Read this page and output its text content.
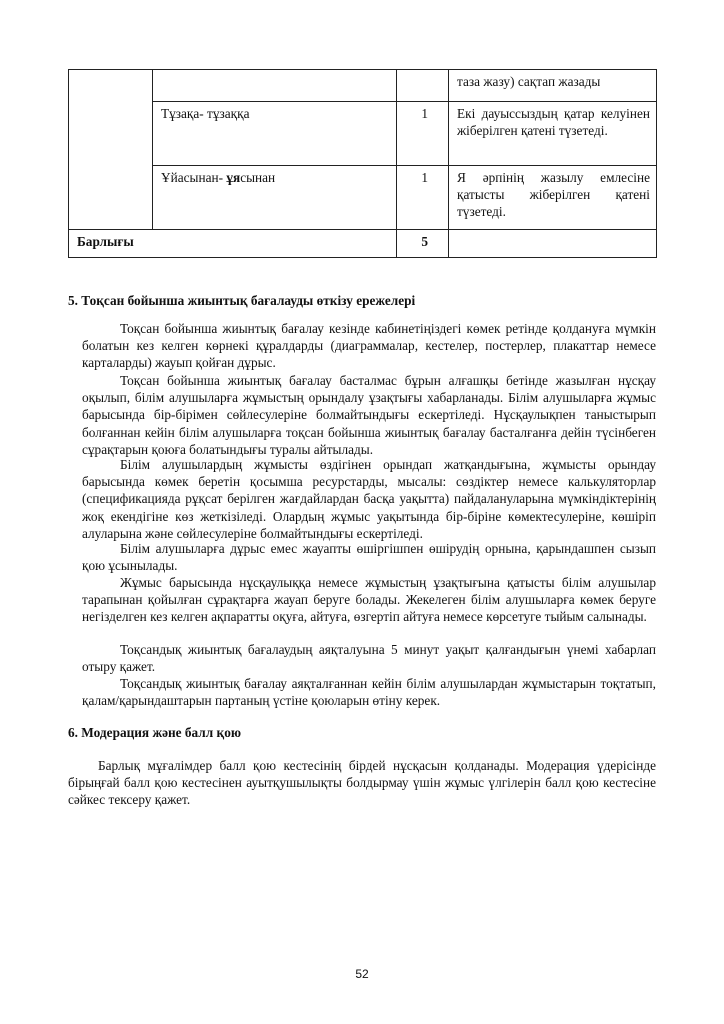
			таза жазу) сақтап жазады
	Тұзақа- тұзаққа	1	Екі дауыссыздың қатар келуінен жіберілген қатені түзетеді.
	Ұйасынан- ұясынан	1	Я әрпінің жазылу емлесіне қатысты жіберілген қатені түзетеді.
Барлығы		5	
5. Тоқсан бойынша жиынтық бағалауды өткізу ережелері

Тоқсан бойынша жиынтық бағалау кезінде кабинетіңіздегі көмек ретінде қолдануға мүмкін болатын кез келген көрнекі құралдарды (диаграммалар, кестелер, постерлер, плакаттар немесе карталарды) жауып қойған дұрыс.

Тоқсан бойынша жиынтық бағалау басталмас бұрын алғашқы бетінде жазылған нұсқау оқылып, білім алушыларға жұмыстың орындалу ұзақтығы хабарланады. Білім алушыларға жұмыс барысында бір-бірімен сөйлесулеріне болмайтындығы ескертіледі. Нұсқаулықпен таныстырып болғаннан кейін білім алушыларға тоқсан бойынша жиынтық бағалау басталғанға дейін түсінбеген сұрақтарын қоюға болатындығы туралы айтылады.

Білім алушылардың жұмысты өздігінен орындап жатқандығына, жұмысты орындау барысында көмек беретін қосымша ресурстарды, мысалы: сөздіктер немесе калькуляторлар (спецификацияда рұқсат берілген жағдайлардан басқа уақытта) пайдалануларына мүмкіндіктерінің жоқ екендігіне көз жеткізіледі. Олардың жұмыс уақытында бір-біріне көмектесулеріне, көшіріп алуларына және сөйлесулеріне болмайтындығы ескертіледі.

Білім алушыларға дұрыс емес жауапты өшіргішпен өшірудің орнына, қарындашпен сызып қою ұсынылады.

Жұмыс барысында нұсқаулыққа немесе жұмыстың ұзақтығына қатысты білім алушылар тарапынан қойылған сұрақтарға жауап беруге болады. Жекелеген білім алушыларға көмек беруге негізделген кез келген ақпаратты оқуға, айтуға, өзгертіп айтуға немесе көрсетуге тыйым салынады.

Тоқсандық жиынтық бағалаудың аяқталуына 5 минут уақыт қалғандығын үнемі хабарлап отыру қажет.

Тоқсандық жиынтық бағалау аяқталғаннан кейін білім алушылардан жұмыстарын тоқтатып, қалам/қарындаштарын партаның үстіне қоюларын өтіну керек.

6. Модерация және балл қою

Барлық мұғалімдер балл қою кестесінің бірдей нұсқасын қолданады. Модерация үдерісінде бірыңғай балл қою кестесінен ауытқушылықты болдырмау үшін жұмыс үлгілерін балл қою кестесіне сәйкес тексеру қажет.

52
